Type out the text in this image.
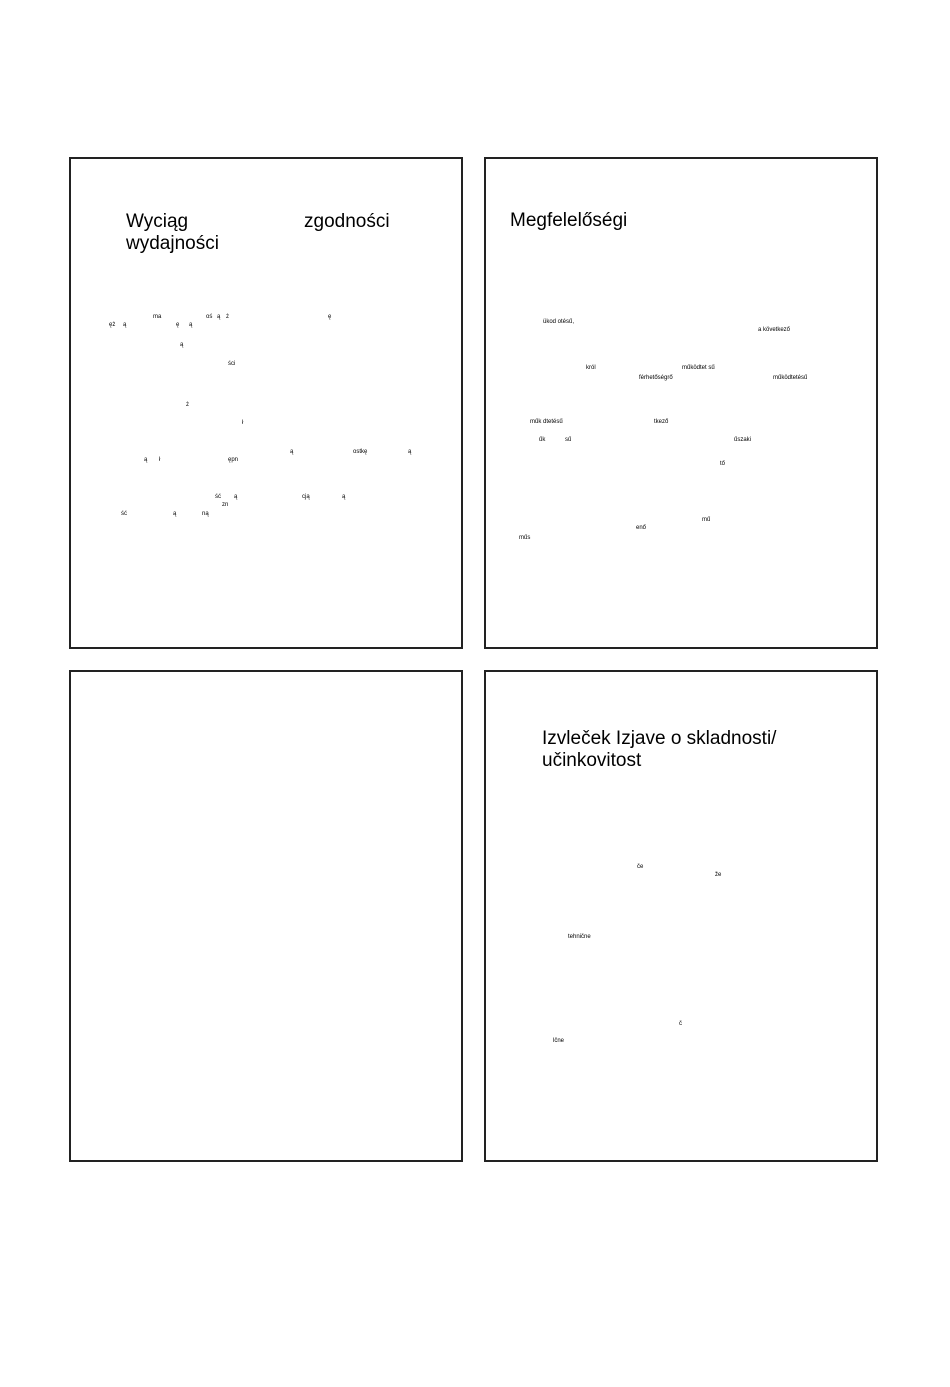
Wyciąg	zgodności
wydajności
ma	oś ą ż	ę
ęż ą	ę ą
ą
ści
ż
ł
ą	ostkę	ą
ą ł	ępn
ść ą	cją	ą
zn
ść	ą	ną
Megfelelőségi
ükod otésű,
a következő
król	működtet sű
férhetőségrő	működtetésű
műk dtetésű	tkező
űk	sű	űszaki
tő
mű
enő
műs
Izvleček Izjave o skladnosti/
učinkovitost
če
že
tehnične
č
lčne
